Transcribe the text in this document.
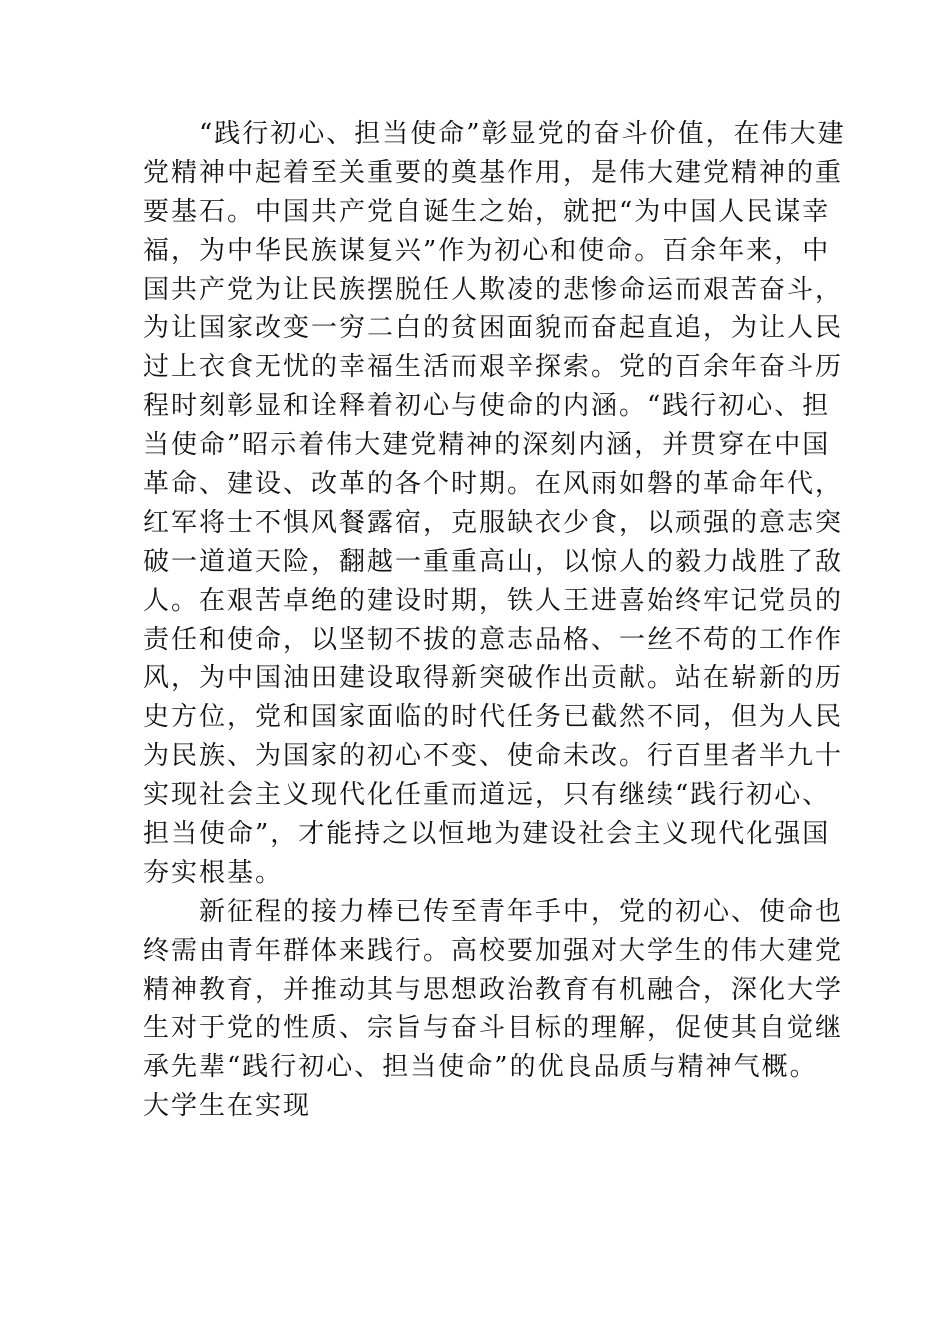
“践行初心、担当使命”彰显党的奋斗价值，在伟大建
党精神中起着至关重要的奠基作用，是伟大建党精神的重
要基石。中国共产党自诞生之始，就把“为中国人民谋幸
福，为中华民族谋复兴”作为初心和使命。百余年来，中
国共产党为让民族摆脱任人欺凌的悲惨命运而艰苦奋斗，
为让国家改变一穷二白的贫困面貌而奋起直追，为让人民
过上衣食无忧的幸福生活而艰辛探索。党的百余年奋斗历
程时刻彰显和诠释着初心与使命的内涵。“践行初心、担
当使命”昭示着伟大建党精神的深刻内涵，并贯穿在中国
革命、建设、改革的各个时期。在风雨如磐的革命年代，
红军将士不惧风餐露宿，克服缺衣少食，以顽强的意志突
破一道道天险，翻越一重重高山，以惊人的毅力战胜了敌
人。在艰苦卓绝的建设时期，铁人王进喜始终牢记党员的
责任和使命，以坚韧不拔的意志品格、一丝不苟的工作作
风，为中国油田建设取得新突破作出贡献。站在崭新的历
史方位，党和国家面临的时代任务已截然不同，但为人民
为民族、为国家的初心不变、使命未改。行百里者半九十
实现社会主义现代化任重而道远，只有继续“践行初心、
担当使命”，才能持之以恒地为建设社会主义现代化强国
夯实根基。
新征程的接力棒已传至青年手中，党的初心、使命也
终需由青年群体来践行。高校要加强对大学生的伟大建党
精神教育，并推动其与思想政治教育有机融合，深化大学
生对于党的性质、宗旨与奋斗目标的理解，促使其自觉继
承先辈“践行初心、担当使命”的优良品质与精神气概。
大学生在实现
